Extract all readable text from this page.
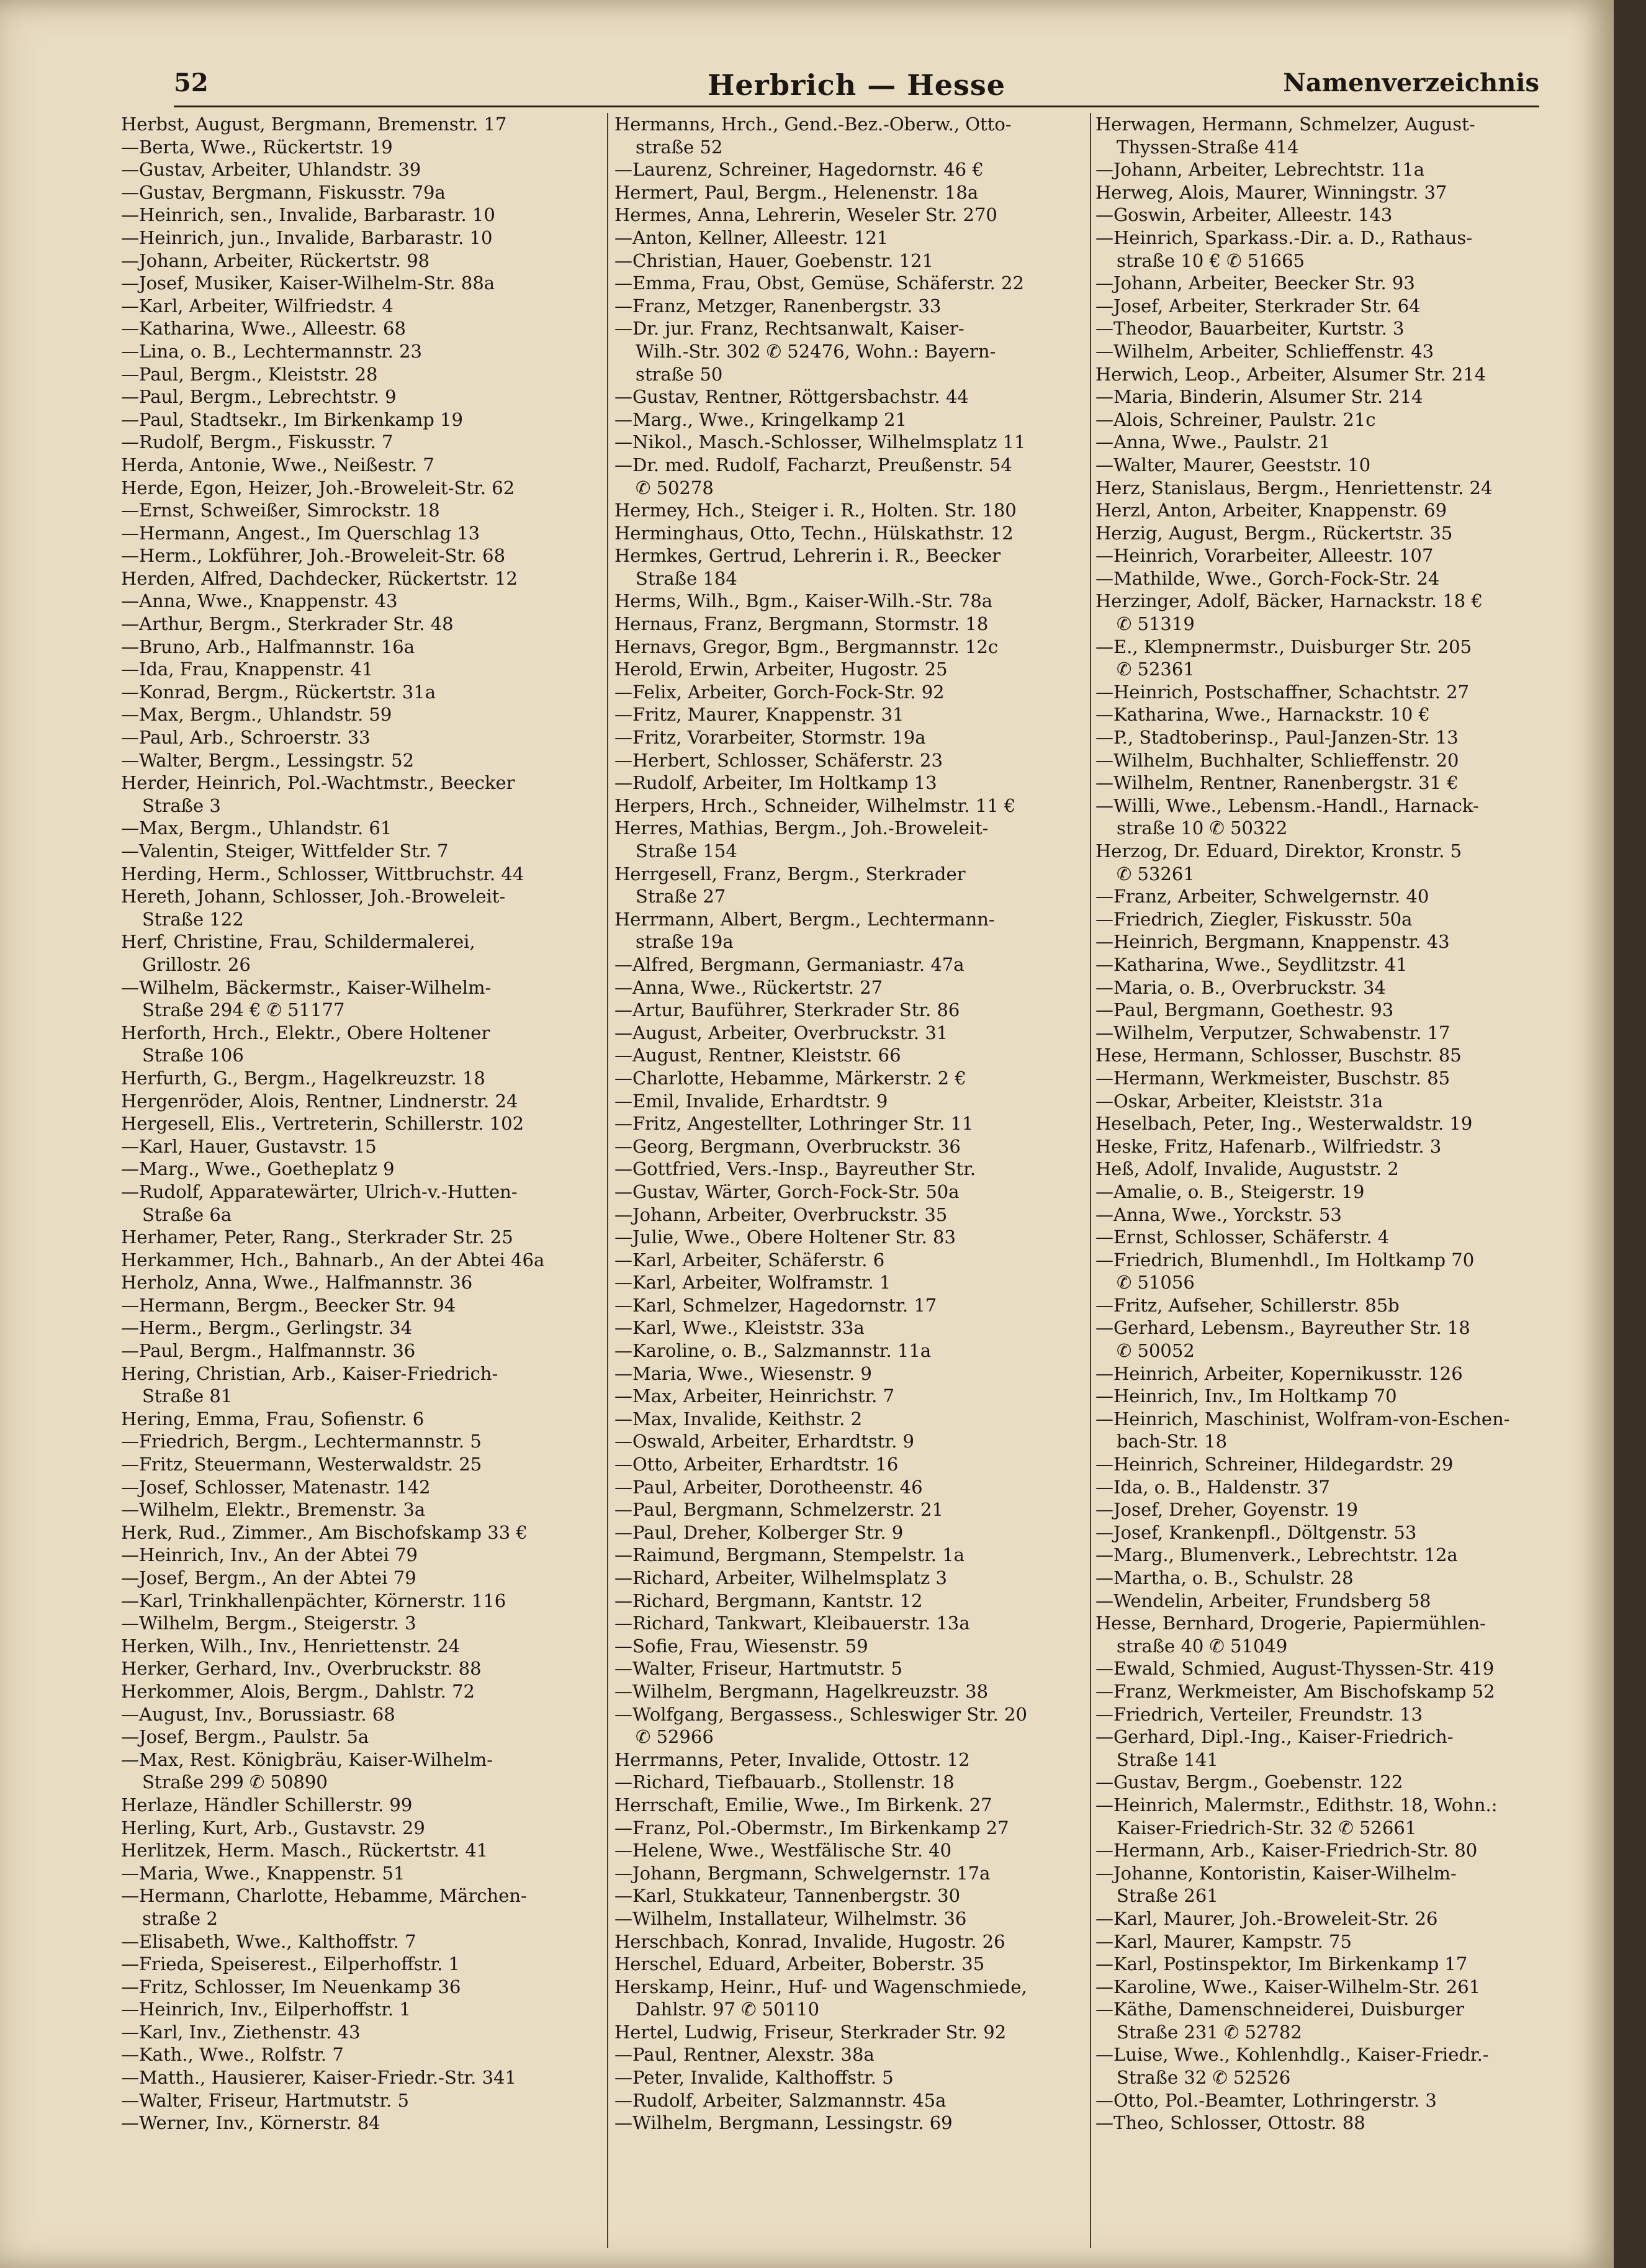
52	Herbrich — Hesse	Namenverzeichnis
Herbst, August, Bergmann, Bremenstr. 17
—Berta, Wwe., Rückertstr. 19
—Gustav, Arbeiter, Uhlandstr. 39
—Gustav, Bergmann, Fiskusstr. 79a
—Heinrich, sen., Invalide, Barbarastr. 10
—Heinrich, jun., Invalide, Barbarastr. 10
—Johann, Arbeiter, Rückertstr. 98
—Josef, Musiker, Kaiser-Wilhelm-Str. 88a
—Karl, Arbeiter, Wilfriedstr. 4
—Katharina, Wwe., Alleestr. 68
—Lina, o. B., Lechtermannstr. 23
—Paul, Bergm., Kleiststr. 28
—Paul, Bergm., Lebrechtstr. 9
—Paul, Stadtsekr., Im Birkenkamp 19
—Rudolf, Bergm., Fiskusstr. 7
Herda, Antonie, Wwe., Neißestr. 7
Herde, Egon, Heizer, Joh.-Broweleit-Str. 62
—Ernst, Schweißer, Simrockstr. 18
—Hermann, Angest., Im Querschlag 13
—Herm., Lokführer, Joh.-Broweleit-Str. 68
Herden, Alfred, Dachdecker, Rückertstr. 12
—Anna, Wwe., Knappenstr. 43
—Arthur, Bergm., Sterkrader Str. 48
—Bruno, Arb., Halfmannstr. 16a
—Ida, Frau, Knappenstr. 41
—Konrad, Bergm., Rückertstr. 31a
—Max, Bergm., Uhlandstr. 59
—Paul, Arb., Schroerstr. 33
—Walter, Bergm., Lessingstr. 52
Herder, Heinrich, Pol.-Wachtmstr., Beecker
Straße 3
—Max, Bergm., Uhlandstr. 61
—Valentin, Steiger, Wittfelder Str. 7
Herding, Herm., Schlosser, Wittbruchstr. 44
Hereth, Johann, Schlosser, Joh.-Broweleit-
Straße 122
Herf, Christine, Frau, Schildermalerei,
Grillostr. 26
—Wilhelm, Bäckermstr., Kaiser-Wilhelm-
Straße 294 € ✆ 51177
Herforth, Hrch., Elektr., Obere Holtener
Straße 106
Herfurth, G., Bergm., Hagelkreuzstr. 18
Hergenröder, Alois, Rentner, Lindnerstr. 24
Hergesell, Elis., Vertreterin, Schillerstr. 102
—Karl, Hauer, Gustavstr. 15
—Marg., Wwe., Goetheplatz 9
—Rudolf, Apparatewärter, Ulrich-v.-Hutten-
Straße 6a
Herhamer, Peter, Rang., Sterkrader Str. 25
Herkammer, Hch., Bahnarb., An der Abtei 46a
Herholz, Anna, Wwe., Halfmannstr. 36
—Hermann, Bergm., Beecker Str. 94
—Herm., Bergm., Gerlingstr. 34
—Paul, Bergm., Halfmannstr. 36
Hering, Christian, Arb., Kaiser-Friedrich-
Straße 81
Hering, Emma, Frau, Sofienstr. 6
—Friedrich, Bergm., Lechtermannstr. 5
—Fritz, Steuermann, Westerwaldstr. 25
—Josef, Schlosser, Matenastr. 142
—Wilhelm, Elektr., Bremenstr. 3a
Herk, Rud., Zimmer., Am Bischofskamp 33 €
—Heinrich, Inv., An der Abtei 79
—Josef, Bergm., An der Abtei 79
—Karl, Trinkhallenpächter, Körnerstr. 116
—Wilhelm, Bergm., Steigerstr. 3
Herken, Wilh., Inv., Henriettenstr. 24
Herker, Gerhard, Inv., Overbruckstr. 88
Herkommer, Alois, Bergm., Dahlstr. 72
—August, Inv., Borussiastr. 68
—Josef, Bergm., Paulstr. 5a
—Max, Rest. Königbräu, Kaiser-Wilhelm-
Straße 299 ✆ 50890
Herlaze, Händler Schillerstr. 99
Herling, Kurt, Arb., Gustavstr. 29
Herlitzek, Herm. Masch., Rückertstr. 41
—Maria, Wwe., Knappenstr. 51
—Hermann, Charlotte, Hebamme, Märchen-
straße 2
—Elisabeth, Wwe., Kalthoffstr. 7
—Frieda, Speiserest., Eilperhoffstr. 1
—Fritz, Schlosser, Im Neuenkamp 36
—Heinrich, Inv., Eilperhoffstr. 1
—Karl, Inv., Ziethenstr. 43
—Kath., Wwe., Rolfstr. 7
—Matth., Hausierer, Kaiser-Friedr.-Str. 341
—Walter, Friseur, Hartmutstr. 5
—Werner, Inv., Körnerstr. 84
Hermanns, Hrch., Gend.-Bez.-Oberw., Otto-
straße 52
—Laurenz, Schreiner, Hagedornstr. 46 €
Hermert, Paul, Bergm., Helenenstr. 18a
Hermes, Anna, Lehrerin, Weseler Str. 270
—Anton, Kellner, Alleestr. 121
—Christian, Hauer, Goebenstr. 121
—Emma, Frau, Obst, Gemüse, Schäferstr. 22
—Franz, Metzger, Ranenbergstr. 33
—Dr. jur. Franz, Rechtsanwalt, Kaiser-
Wilh.-Str. 302 ✆ 52476, Wohn.: Bayern-
straße 50
—Gustav, Rentner, Röttgersbachstr. 44
—Marg., Wwe., Kringelkamp 21
—Nikol., Masch.-Schlosser, Wilhelmsplatz 11
—Dr. med. Rudolf, Facharzt, Preußenstr. 54
✆ 50278
Hermey, Hch., Steiger i. R., Holten. Str. 180
Herminghaus, Otto, Techn., Hülskathstr. 12
Hermkes, Gertrud, Lehrerin i. R., Beecker
Straße 184
Herms, Wilh., Bgm., Kaiser-Wilh.-Str. 78a
Hernaus, Franz, Bergmann, Stormstr. 18
Hernavs, Gregor, Bgm., Bergmannstr. 12c
Herold, Erwin, Arbeiter, Hugostr. 25
—Felix, Arbeiter, Gorch-Fock-Str. 92
—Fritz, Maurer, Knappenstr. 31
—Fritz, Vorarbeiter, Stormstr. 19a
—Herbert, Schlosser, Schäferstr. 23
—Rudolf, Arbeiter, Im Holtkamp 13
Herpers, Hrch., Schneider, Wilhelmstr. 11 €
Herres, Mathias, Bergm., Joh.-Broweleit-
Straße 154
Herrgesell, Franz, Bergm., Sterkrader
Straße 27
Herrmann, Albert, Bergm., Lechtermann-
straße 19a
—Alfred, Bergmann, Germaniastr. 47a
—Anna, Wwe., Rückertstr. 27
—Artur, Bauführer, Sterkrader Str. 86
—August, Arbeiter, Overbruckstr. 31
—August, Rentner, Kleiststr. 66
—Charlotte, Hebamme, Märkerstr. 2 €
—Emil, Invalide, Erhardtstr. 9
—Fritz, Angestellter, Lothringer Str. 11
—Georg, Bergmann, Overbruckstr. 36
—Gottfried, Vers.-Insp., Bayreuther Str.
—Gustav, Wärter, Gorch-Fock-Str. 50a
—Johann, Arbeiter, Overbruckstr. 35
—Julie, Wwe., Obere Holtener Str. 83
—Karl, Arbeiter, Schäferstr. 6
—Karl, Arbeiter, Wolframstr. 1
—Karl, Schmelzer, Hagedornstr. 17
—Karl, Wwe., Kleiststr. 33a
—Karoline, o. B., Salzmannstr. 11a
—Maria, Wwe., Wiesenstr. 9
—Max, Arbeiter, Heinrichstr. 7
—Max, Invalide, Keithstr. 2
—Oswald, Arbeiter, Erhardtstr. 9
—Otto, Arbeiter, Erhardtstr. 16
—Paul, Arbeiter, Dorotheenstr. 46
—Paul, Bergmann, Schmelzerstr. 21
—Paul, Dreher, Kolberger Str. 9
—Raimund, Bergmann, Stempelstr. 1a
—Richard, Arbeiter, Wilhelmsplatz 3
—Richard, Bergmann, Kantstr. 12
—Richard, Tankwart, Kleibauerstr. 13a
—Sofie, Frau, Wiesenstr. 59
—Walter, Friseur, Hartmutstr. 5
—Wilhelm, Bergmann, Hagelkreuzstr. 38
—Wolfgang, Bergassess., Schleswiger Str. 20
✆ 52966
Herrmanns, Peter, Invalide, Ottostr. 12
—Richard, Tiefbauarb., Stollenstr. 18
Herrschaft, Emilie, Wwe., Im Birkenk. 27
—Franz, Pol.-Obermstr., Im Birkenkamp 27
—Helene, Wwe., Westfälische Str. 40
—Johann, Bergmann, Schwelgernstr. 17a
—Karl, Stukkateur, Tannenbergstr. 30
—Wilhelm, Installateur, Wilhelmstr. 36
Herschbach, Konrad, Invalide, Hugostr. 26
Herschel, Eduard, Arbeiter, Boberstr. 35
Herskamp, Heinr., Huf- und Wagenschmiede,
Dahlstr. 97 ✆ 50110
Hertel, Ludwig, Friseur, Sterkrader Str. 92
—Paul, Rentner, Alexstr. 38a
—Peter, Invalide, Kalthoffstr. 5
—Rudolf, Arbeiter, Salzmannstr. 45a
—Wilhelm, Bergmann, Lessingstr. 69
Herwagen, Hermann, Schmelzer, August-
Thyssen-Straße 414
—Johann, Arbeiter, Lebrechtstr. 11a
Herweg, Alois, Maurer, Winningstr. 37
—Goswin, Arbeiter, Alleestr. 143
—Heinrich, Sparkass.-Dir. a. D., Rathaus-
straße 10 € ✆ 51665
—Johann, Arbeiter, Beecker Str. 93
—Josef, Arbeiter, Sterkrader Str. 64
—Theodor, Bauarbeiter, Kurtstr. 3
—Wilhelm, Arbeiter, Schlieffenstr. 43
Herwich, Leop., Arbeiter, Alsumer Str. 214
—Maria, Binderin, Alsumer Str. 214
—Alois, Schreiner, Paulstr. 21c
—Anna, Wwe., Paulstr. 21
—Walter, Maurer, Geeststr. 10
Herz, Stanislaus, Bergm., Henriettenstr. 24
Herzl, Anton, Arbeiter, Knappenstr. 69
Herzig, August, Bergm., Rückertstr. 35
—Heinrich, Vorarbeiter, Alleestr. 107
—Mathilde, Wwe., Gorch-Fock-Str. 24
Herzinger, Adolf, Bäcker, Harnackstr. 18 €
✆ 51319
—E., Klempnermstr., Duisburger Str. 205
✆ 52361
—Heinrich, Postschaffner, Schachtstr. 27
—Katharina, Wwe., Harnackstr. 10 €
—P., Stadtoberinsp., Paul-Janzen-Str. 13
—Wilhelm, Buchhalter, Schlieffenstr. 20
—Wilhelm, Rentner, Ranenbergstr. 31 €
—Willi, Wwe., Lebensm.-Handl., Harnack-
straße 10 ✆ 50322
Herzog, Dr. Eduard, Direktor, Kronstr. 5
✆ 53261
—Franz, Arbeiter, Schwelgernstr. 40
—Friedrich, Ziegler, Fiskusstr. 50a
—Heinrich, Bergmann, Knappenstr. 43
—Katharina, Wwe., Seydlitzstr. 41
—Maria, o. B., Overbruckstr. 34
—Paul, Bergmann, Goethestr. 93
—Wilhelm, Verputzer, Schwabenstr. 17
Hese, Hermann, Schlosser, Buschstr. 85
—Hermann, Werkmeister, Buschstr. 85
—Oskar, Arbeiter, Kleiststr. 31a
Heselbach, Peter, Ing., Westerwaldstr. 19
Heske, Fritz, Hafenarb., Wilfriedstr. 3
Heß, Adolf, Invalide, Auguststr. 2
—Amalie, o. B., Steigerstr. 19
—Anna, Wwe., Yorckstr. 53
—Ernst, Schlosser, Schäferstr. 4
—Friedrich, Blumenhdl., Im Holtkamp 70
✆ 51056
—Fritz, Aufseher, Schillerstr. 85b
—Gerhard, Lebensm., Bayreuther Str. 18
✆ 50052
—Heinrich, Arbeiter, Kopernikusstr. 126
—Heinrich, Inv., Im Holtkamp 70
—Heinrich, Maschinist, Wolfram-von-Eschen-
bach-Str. 18
—Heinrich, Schreiner, Hildegardstr. 29
—Ida, o. B., Haldenstr. 37
—Josef, Dreher, Goyenstr. 19
—Josef, Krankenpfl., Döltgenstr. 53
—Marg., Blumenverk., Lebrechtstr. 12a
—Martha, o. B., Schulstr. 28
—Wendelin, Arbeiter, Frundsberg 58
Hesse, Bernhard, Drogerie, Papiermühlen-
straße 40 ✆ 51049
—Ewald, Schmied, August-Thyssen-Str. 419
—Franz, Werkmeister, Am Bischofskamp 52
—Friedrich, Verteiler, Freundstr. 13
—Gerhard, Dipl.-Ing., Kaiser-Friedrich-
Straße 141
—Gustav, Bergm., Goebenstr. 122
—Heinrich, Malermstr., Edithstr. 18, Wohn.:
Kaiser-Friedrich-Str. 32 ✆ 52661
—Hermann, Arb., Kaiser-Friedrich-Str. 80
—Johanne, Kontoristin, Kaiser-Wilhelm-
Straße 261
—Karl, Maurer, Joh.-Broweleit-Str. 26
—Karl, Maurer, Kampstr. 75
—Karl, Postinspektor, Im Birkenkamp 17
—Karoline, Wwe., Kaiser-Wilhelm-Str. 261
—Käthe, Damenschneiderei, Duisburger
Straße 231 ✆ 52782
—Luise, Wwe., Kohlenhdlg., Kaiser-Friedr.-
Straße 32 ✆ 52526
—Otto, Pol.-Beamter, Lothringerstr. 3
—Theo, Schlosser, Ottostr. 88
